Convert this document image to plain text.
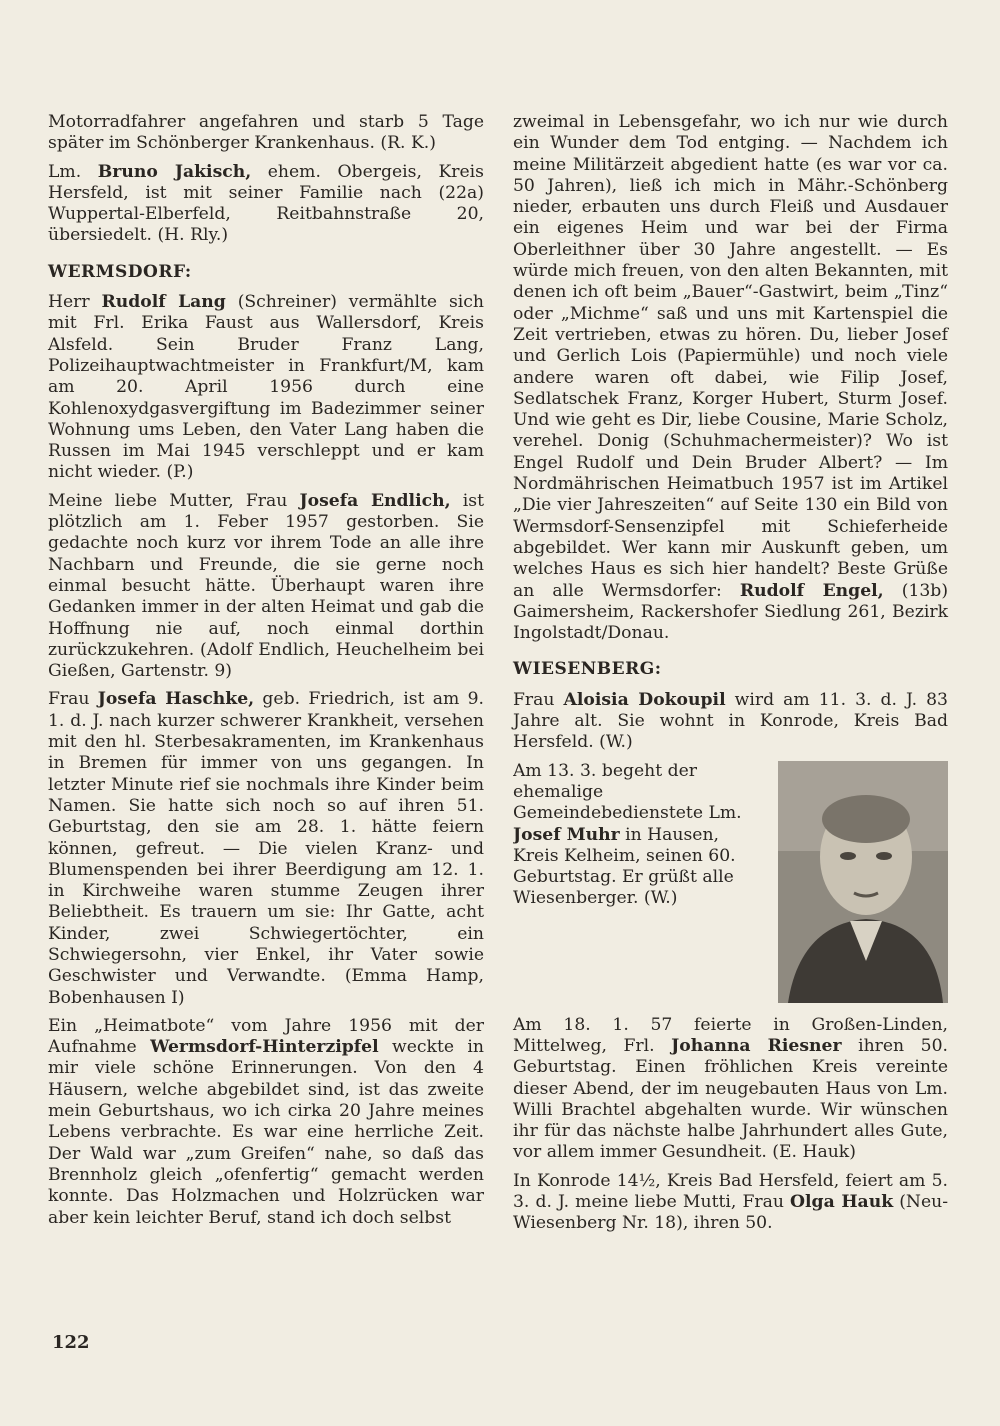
Motorradfahrer angefahren und starb 5 Tage später im Schönberger Krankenhaus. (R. K.)

Lm. Bruno Jakisch, ehem. Obergeis, Kreis Hersfeld, ist mit seiner Familie nach (22a) Wuppertal-Elberfeld, Reitbahnstraße 20, übersiedelt. (H. Rly.)

WERMSDORF:

Herr Rudolf Lang (Schreiner) vermählte sich mit Frl. Erika Faust aus Wallersdorf, Kreis Alsfeld. Sein Bruder Franz Lang, Polizeihauptwachtmeister in Frankfurt/M, kam am 20. April 1956 durch eine Kohlenoxydgasvergiftung im Badezimmer seiner Wohnung ums Leben, den Vater Lang haben die Russen im Mai 1945 verschleppt und er kam nicht wieder. (P.)

Meine liebe Mutter, Frau Josefa Endlich, ist plötzlich am 1. Feber 1957 gestorben. Sie gedachte noch kurz vor ihrem Tode an alle ihre Nachbarn und Freunde, die sie gerne noch einmal besucht hätte. Überhaupt waren ihre Gedanken immer in der alten Heimat und gab die Hoffnung nie auf, noch einmal dorthin zurückzukehren. (Adolf Endlich, Heuchelheim bei Gießen, Gartenstr. 9)

Frau Josefa Haschke, geb. Friedrich, ist am 9. 1. d. J. nach kurzer schwerer Krankheit, versehen mit den hl. Sterbesakramenten, im Krankenhaus in Bremen für immer von uns gegangen. In letzter Minute rief sie nochmals ihre Kinder beim Namen. Sie hatte sich noch so auf ihren 51. Geburtstag, den sie am 28. 1. hätte feiern können, gefreut. — Die vielen Kranz- und Blumenspenden bei ihrer Beerdigung am 12. 1. in Kirchweihe waren stumme Zeugen ihrer Beliebtheit. Es trauern um sie: Ihr Gatte, acht Kinder, zwei Schwiegertöchter, ein Schwiegersohn, vier Enkel, ihr Vater sowie Geschwister und Verwandte. (Emma Hamp, Bobenhausen I)

Ein „Heimatbote“ vom Jahre 1956 mit der Aufnahme Wermsdorf-Hinterzipfel weckte in mir viele schöne Erinnerungen. Von den 4 Häusern, welche abgebildet sind, ist das zweite mein Geburtshaus, wo ich cirka 20 Jahre meines Lebens verbrachte. Es war eine herrliche Zeit. Der Wald war „zum Greifen“ nahe, so daß das Brennholz gleich „ofenfertig“ gemacht werden konnte. Das Holzmachen und Holzrücken war aber kein leichter Beruf, stand ich doch selbst

zweimal in Lebensgefahr, wo ich nur wie durch ein Wunder dem Tod entging. — Nachdem ich meine Militärzeit abgedient hatte (es war vor ca. 50 Jahren), ließ ich mich in Mähr.-Schönberg nieder, erbauten uns durch Fleiß und Ausdauer ein eigenes Heim und war bei der Firma Oberleithner über 30 Jahre angestellt. — Es würde mich freuen, von den alten Bekannten, mit denen ich oft beim „Bauer“-Gastwirt, beim „Tinz“ oder „Michme“ saß und uns mit Kartenspiel die Zeit vertrieben, etwas zu hören. Du, lieber Josef und Gerlich Lois (Papiermühle) und noch viele andere waren oft dabei, wie Filip Josef, Sedlatschek Franz, Korger Hubert, Sturm Josef. Und wie geht es Dir, liebe Cousine, Marie Scholz, verehel. Donig (Schuhmachermeister)? Wo ist Engel Rudolf und Dein Bruder Albert? — Im Nordmährischen Heimatbuch 1957 ist im Artikel „Die vier Jahreszeiten“ auf Seite 130 ein Bild von Wermsdorf-Sensenzipfel mit Schieferheide abgebildet. Wer kann mir Auskunft geben, um welches Haus es sich hier handelt? Beste Grüße an alle Wermsdorfer: Rudolf Engel, (13b) Gaimersheim, Rackershofer Siedlung 261, Bezirk Ingolstadt/Donau.

WIESENBERG:

Frau Aloisia Dokoupil wird am 11. 3. d. J. 83 Jahre alt. Sie wohnt in Konrode, Kreis Bad Hersfeld. (W.)

Am 13. 3. begeht der ehemalige Gemeindebedienstete Lm. Josef Muhr in Hausen, Kreis Kelheim, seinen 60. Geburtstag. Er grüßt alle Wiesenberger. (W.)

Am 18. 1. 57 feierte in Großen-Linden, Mittelweg, Frl. Johanna Riesner ihren 50. Geburtstag. Einen fröhlichen Kreis vereinte dieser Abend, der im neugebauten Haus von Lm. Willi Brachtel abgehalten wurde. Wir wünschen ihr für das nächste halbe Jahrhundert alles Gute, vor allem immer Gesundheit. (E. Hauk)

In Konrode 14½, Kreis Bad Hersfeld, feiert am 5. 3. d. J. meine liebe Mutti, Frau Olga Hauk (Neu-Wiesenberg Nr. 18), ihren 50.

122
